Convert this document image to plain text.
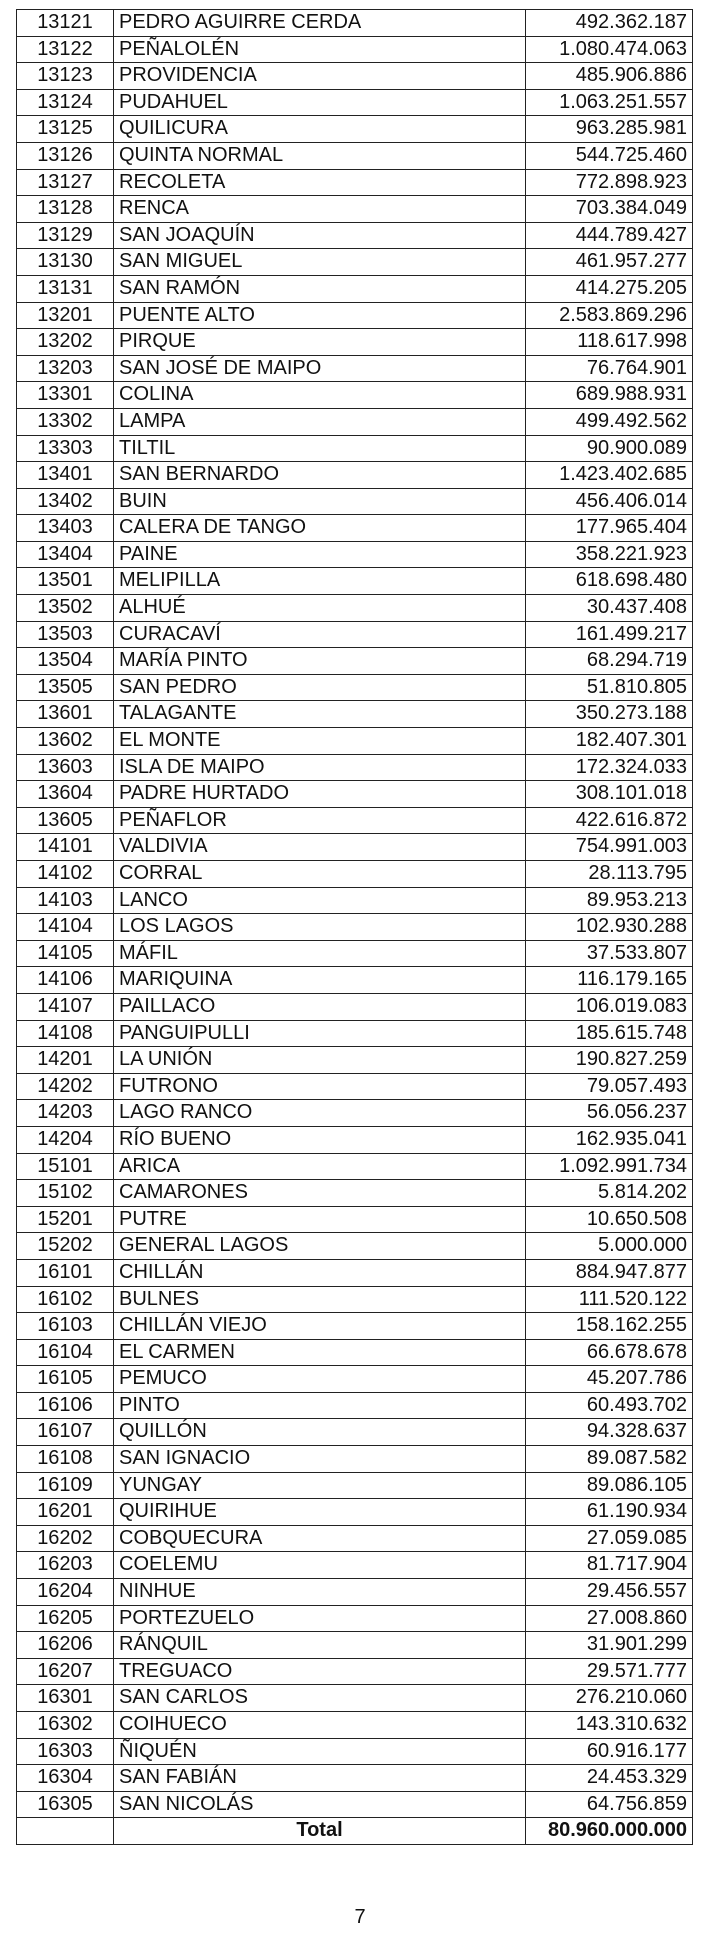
13121	PEDRO AGUIRRE CERDA	492.362.187
13122	PEÑALOLÉN	1.080.474.063
13123	PROVIDENCIA	485.906.886
13124	PUDAHUEL	1.063.251.557
13125	QUILICURA	963.285.981
13126	QUINTA NORMAL	544.725.460
13127	RECOLETA	772.898.923
13128	RENCA	703.384.049
13129	SAN JOAQUÍN	444.789.427
13130	SAN MIGUEL	461.957.277
13131	SAN RAMÓN	414.275.205
13201	PUENTE ALTO	2.583.869.296
13202	PIRQUE	118.617.998
13203	SAN JOSÉ DE MAIPO	76.764.901
13301	COLINA	689.988.931
13302	LAMPA	499.492.562
13303	TILTIL	90.900.089
13401	SAN BERNARDO	1.423.402.685
13402	BUIN	456.406.014
13403	CALERA DE TANGO	177.965.404
13404	PAINE	358.221.923
13501	MELIPILLA	618.698.480
13502	ALHUÉ	30.437.408
13503	CURACAVÍ	161.499.217
13504	MARÍA PINTO	68.294.719
13505	SAN PEDRO	51.810.805
13601	TALAGANTE	350.273.188
13602	EL MONTE	182.407.301
13603	ISLA DE MAIPO	172.324.033
13604	PADRE HURTADO	308.101.018
13605	PEÑAFLOR	422.616.872
14101	VALDIVIA	754.991.003
14102	CORRAL	28.113.795
14103	LANCO	89.953.213
14104	LOS LAGOS	102.930.288
14105	MÁFIL	37.533.807
14106	MARIQUINA	116.179.165
14107	PAILLACO	106.019.083
14108	PANGUIPULLI	185.615.748
14201	LA UNIÓN	190.827.259
14202	FUTRONO	79.057.493
14203	LAGO RANCO	56.056.237
14204	RÍO BUENO	162.935.041
15101	ARICA	1.092.991.734
15102	CAMARONES	5.814.202
15201	PUTRE	10.650.508
15202	GENERAL LAGOS	5.000.000
16101	CHILLÁN	884.947.877
16102	BULNES	111.520.122
16103	CHILLÁN VIEJO	158.162.255
16104	EL CARMEN	66.678.678
16105	PEMUCO	45.207.786
16106	PINTO	60.493.702
16107	QUILLÓN	94.328.637
16108	SAN IGNACIO	89.087.582
16109	YUNGAY	89.086.105
16201	QUIRIHUE	61.190.934
16202	COBQUECURA	27.059.085
16203	COELEMU	81.717.904
16204	NINHUE	29.456.557
16205	PORTEZUELO	27.008.860
16206	RÁNQUIL	31.901.299
16207	TREGUACO	29.571.777
16301	SAN CARLOS	276.210.060
16302	COIHUECO	143.310.632
16303	ÑIQUÉN	60.916.177
16304	SAN FABIÁN	24.453.329
16305	SAN NICOLÁS	64.756.859
	Total	80.960.000.000
7
